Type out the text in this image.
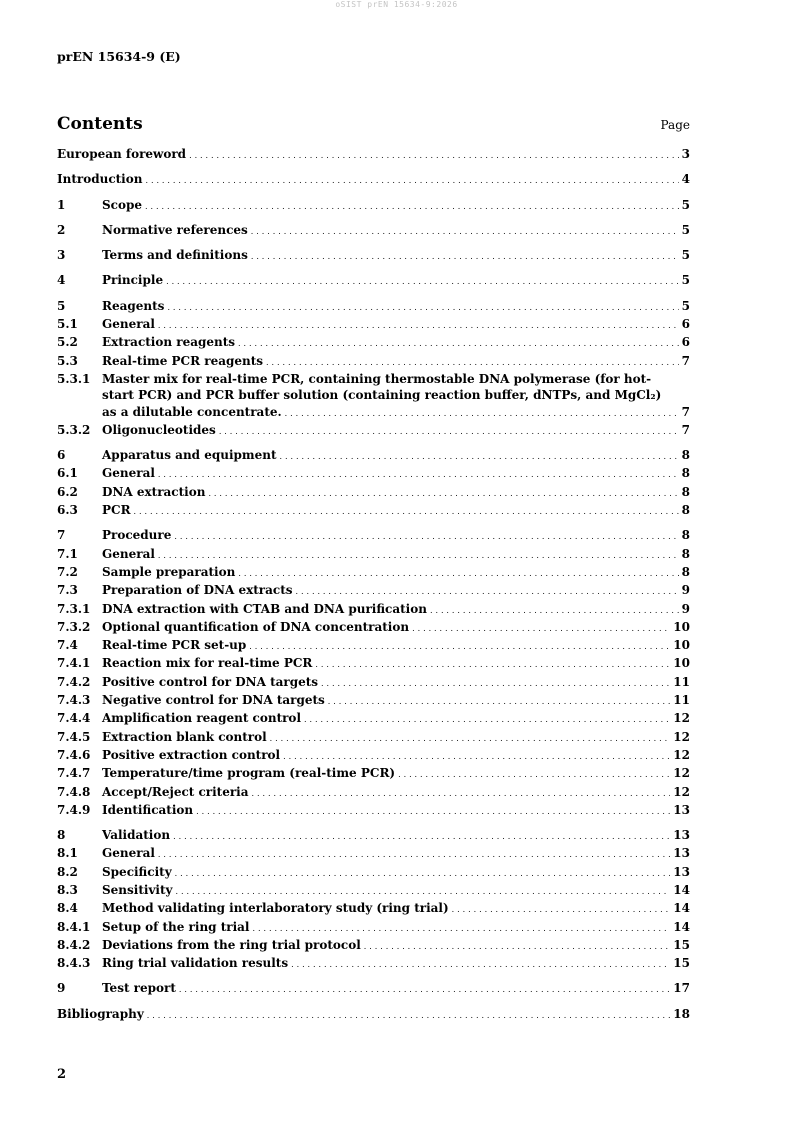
oSIST prEN 15634-9:2026
prEN 15634-9 (E)
Contents	Page
European foreword . . .	3
Introduction . . .	4
1	Scope . . .	5
2	Normative references . . .	5
3	Terms and definitions . . .	5
4	Principle . . .	5
5	Reagents . . .	5
5.1	General . . .	6
5.2	Extraction reagents . . .	6
5.3	Real-time PCR reagents . . .	7
5.3.1 Master mix for real-time PCR, containing thermostable DNA polymerase (for hot-
start PCR) and PCR buffer solution (containing reaction buffer, dNTPs, and MgCl₂)
as a dilutable concentrate. . . .	7
5.3.2 Oligonucleotides . . .	7
6	Apparatus and equipment . . .	8
6.1	General . . .	8
6.2	DNA extraction . . .	8
6.3	PCR . . .	8
7	Procedure . . .	8
7.1	General . . .	8
7.2	Sample preparation . . .	8
7.3	Preparation of DNA extracts . . .	9
7.3.1 DNA extraction with CTAB and DNA purification . . .	9
7.3.2 Optional quantification of DNA concentration . . .	10
7.4	Real-time PCR set-up . . .	10
7.4.1 Reaction mix for real-time PCR . . .	10
7.4.2 Positive control for DNA targets . . .	11
7.4.3 Negative control for DNA targets . . .	11
7.4.4 Amplification reagent control . . .	12
7.4.5 Extraction blank control . . .	12
7.4.6 Positive extraction control . . .	12
7.4.7 Temperature/time program (real-time PCR) . . .	12
7.4.8 Accept/Reject criteria . . .	12
7.4.9 Identification . . .	13
8	Validation . . .	13
8.1	General . . .	13
8.2	Specificity . . .	13
8.3	Sensitivity . . .	14
8.4	Method validating interlaboratory study (ring trial) . . .	14
8.4.1 Setup of the ring trial . . .	14
8.4.2 Deviations from the ring trial protocol . . .	15
8.4.3 Ring trial validation results . . .	15
9	Test report . . .	17
Bibliography . . .	18
2
